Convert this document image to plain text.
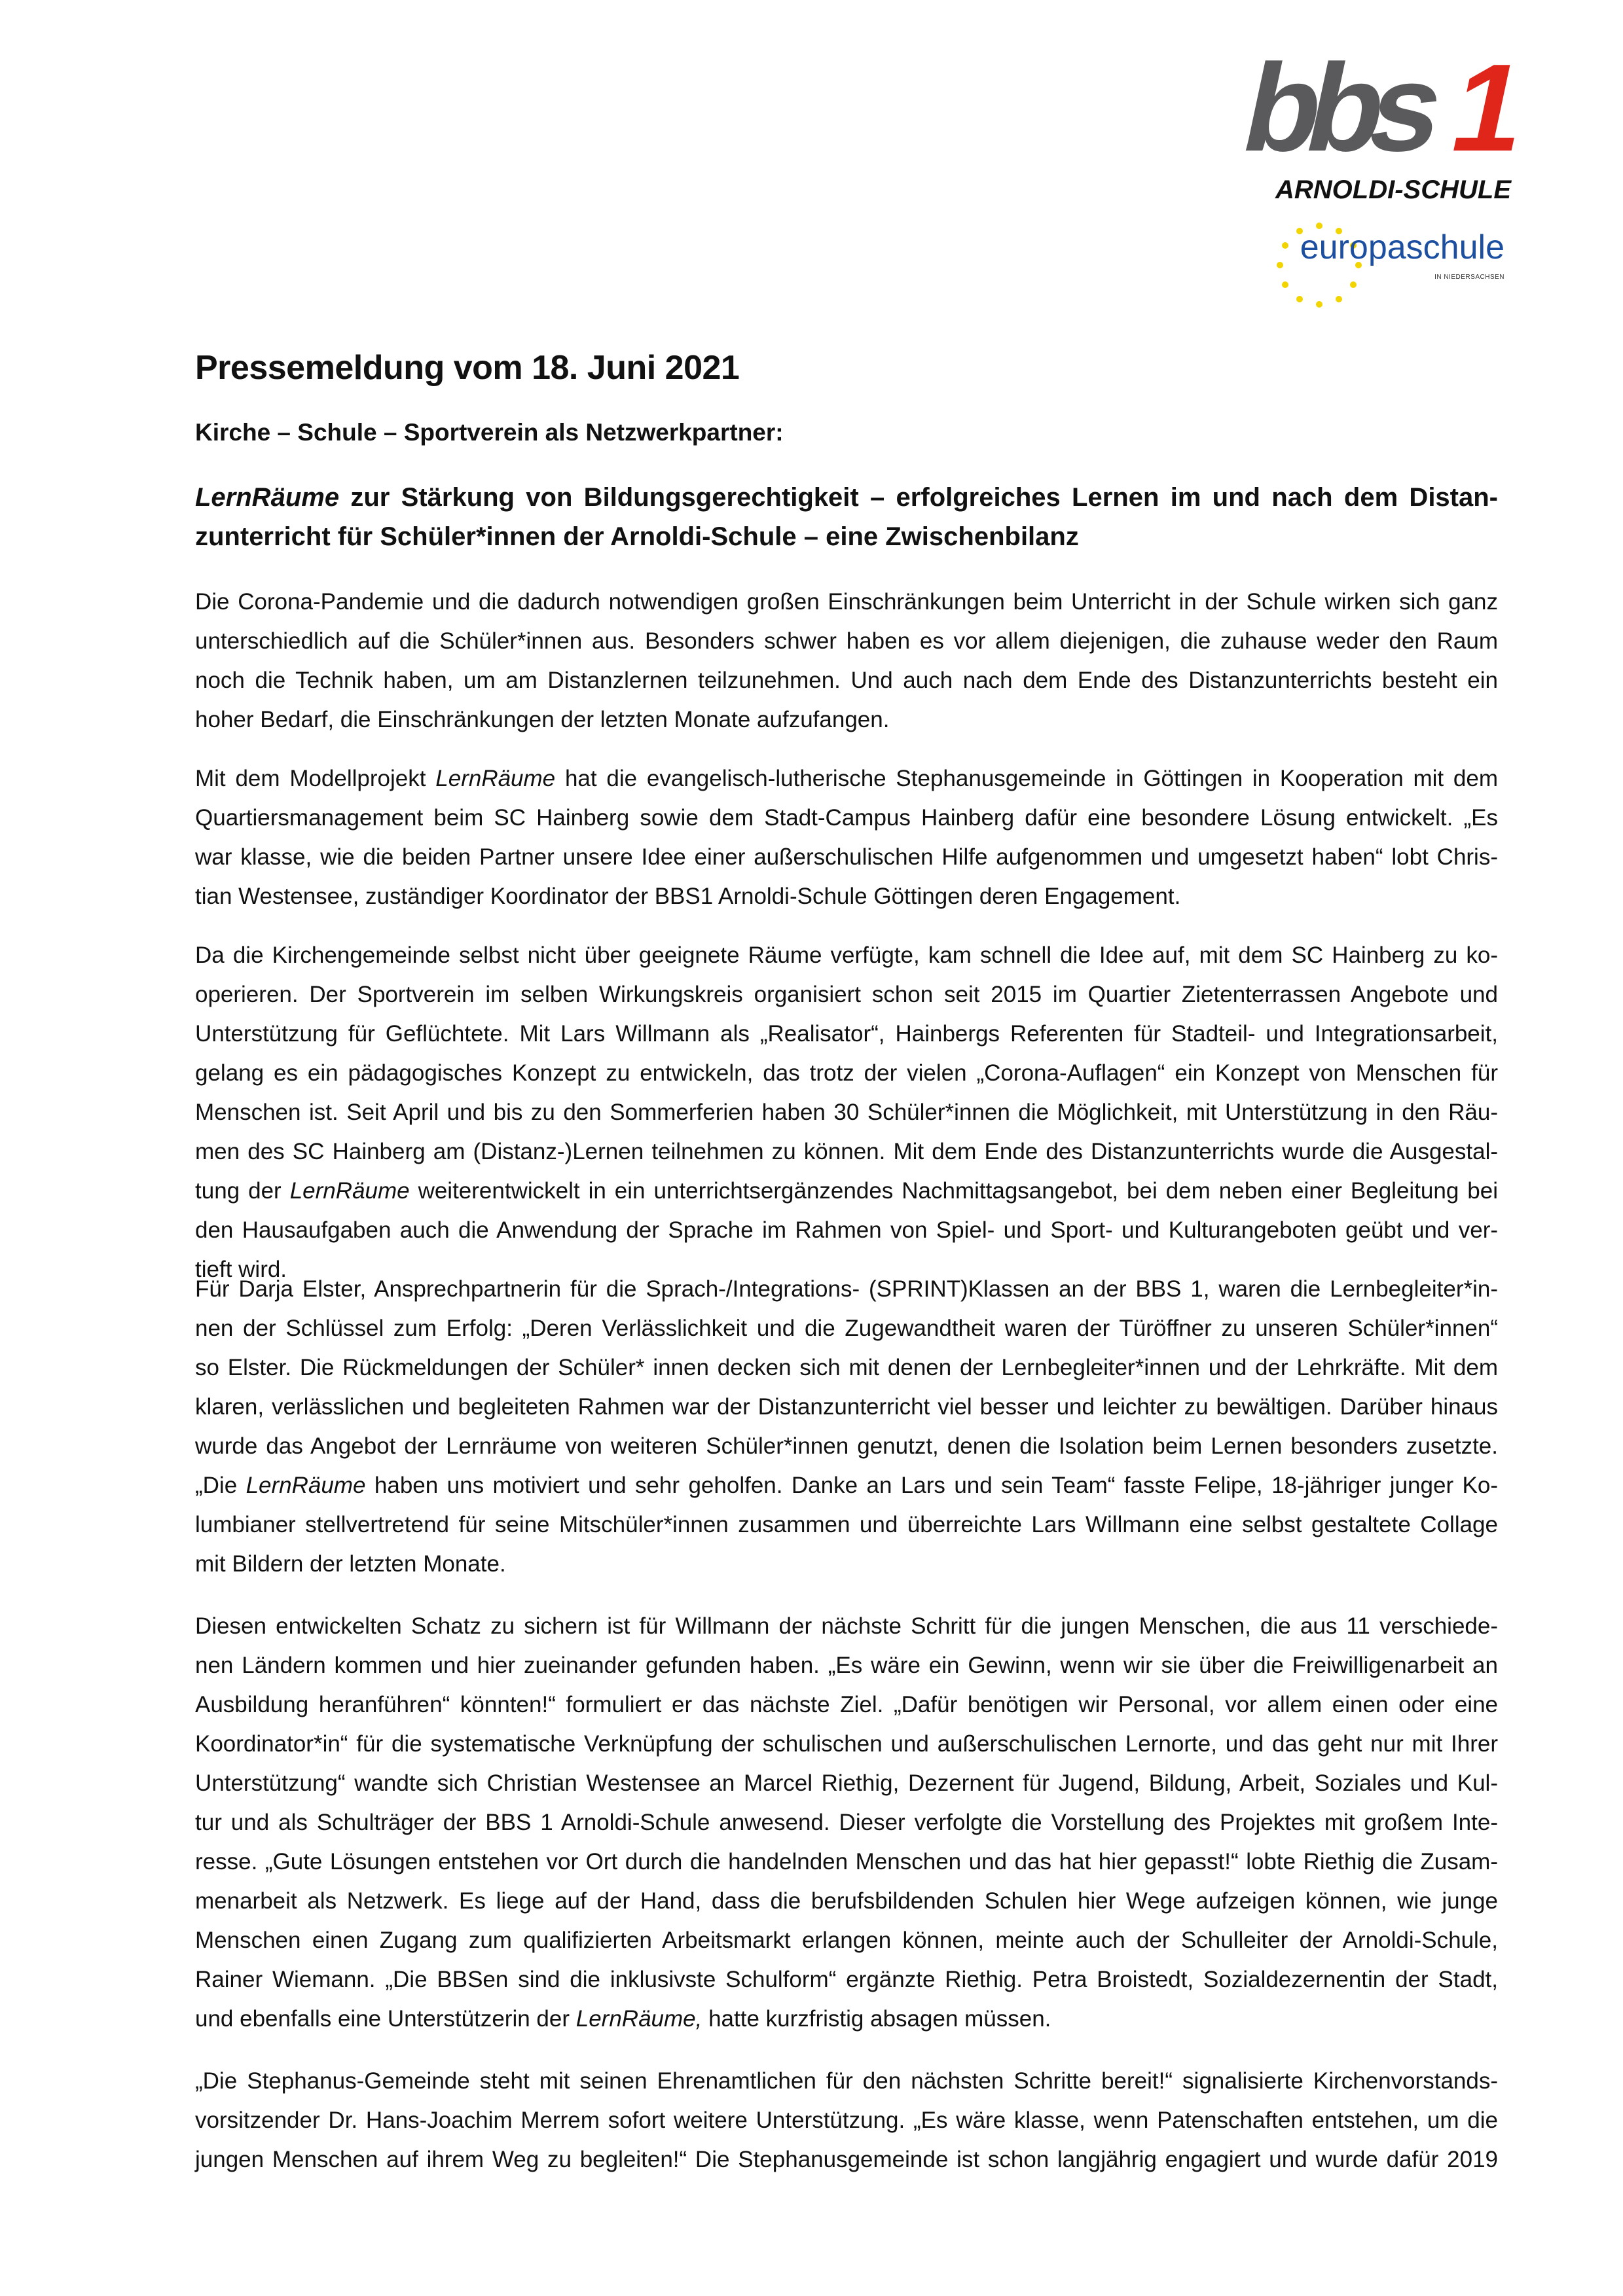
bbs
1
ARNOLDI-SCHULE
europaschule
IN NIEDERSACHSEN
Pressemeldung vom 18. Juni 2021
Kirche – Schule – Sportverein als Netzwerkpartner:
LernRäume zur Stärkung von Bildungsgerechtigkeit – erfolgreiches Lernen im und nach dem Distan-
zunterricht für Schüler*innen der Arnoldi-Schule – eine Zwischenbilanz
Die Corona-Pandemie und die dadurch notwendigen großen Einschränkungen beim Unterricht in der Schule wirken sich ganz
unterschiedlich auf die Schüler*innen aus. Besonders schwer haben es vor allem diejenigen, die zuhause weder den Raum
noch die Technik haben, um am Distanzlernen teilzunehmen. Und auch nach dem Ende des Distanzunterrichts besteht ein
hoher Bedarf, die Einschränkungen der letzten Monate aufzufangen.
Mit dem Modellprojekt LernRäume hat die evangelisch-lutherische Stephanusgemeinde in Göttingen in Kooperation mit dem
Quartiersmanagement beim SC Hainberg sowie dem Stadt-Campus Hainberg dafür eine besondere Lösung entwickelt. „Es
war klasse, wie die beiden Partner unsere Idee einer außerschulischen Hilfe aufgenommen und umgesetzt haben“ lobt Chris-
tian Westensee, zuständiger Koordinator der BBS1 Arnoldi-Schule Göttingen deren Engagement.
Da die Kirchengemeinde selbst nicht über geeignete Räume verfügte, kam schnell die Idee auf, mit dem SC Hainberg zu ko-
operieren. Der Sportverein im selben Wirkungskreis organisiert schon seit 2015 im Quartier Zietenterrassen Angebote und
Unterstützung für Geflüchtete. Mit Lars Willmann als „Realisator“, Hainbergs Referenten für Stadteil- und Integrationsarbeit,
gelang es ein pädagogisches Konzept zu entwickeln, das trotz der vielen „Corona-Auflagen“ ein Konzept von Menschen für
Menschen ist. Seit April und bis zu den Sommerferien haben 30 Schüler*innen die Möglichkeit, mit Unterstützung in den Räu-
men des SC Hainberg am (Distanz-)Lernen teilnehmen zu können. Mit dem Ende des Distanzunterrichts wurde die Ausgestal-
tung der LernRäume weiterentwickelt in ein unterrichtsergänzendes Nachmittagsangebot, bei dem neben einer Begleitung bei
den Hausaufgaben auch die Anwendung der Sprache im Rahmen von Spiel- und Sport- und Kulturangeboten geübt und ver-
tieft wird.
Für Darja Elster, Ansprechpartnerin für die Sprach-/Integrations- (SPRINT)Klassen an der BBS 1, waren die Lernbegleiter*in-
nen der Schlüssel zum Erfolg: „Deren Verlässlichkeit und die Zugewandtheit waren der Türöffner zu unseren Schüler*innen“
so Elster. Die Rückmeldungen der Schüler* innen decken sich mit denen der Lernbegleiter*innen und der Lehrkräfte. Mit dem
klaren, verlässlichen und begleiteten Rahmen war der Distanzunterricht viel besser und leichter zu bewältigen. Darüber hinaus
wurde das Angebot der Lernräume von weiteren Schüler*innen genutzt, denen die Isolation beim Lernen besonders zusetzte.
„Die LernRäume haben uns motiviert und sehr geholfen. Danke an Lars und sein Team“ fasste Felipe, 18-jähriger junger Ko-
lumbianer stellvertretend für seine Mitschüler*innen zusammen und überreichte Lars Willmann eine selbst gestaltete Collage
mit Bildern der letzten Monate.
Diesen entwickelten Schatz zu sichern ist für Willmann der nächste Schritt für die jungen Menschen, die aus 11 verschiede-
nen Ländern kommen und hier zueinander gefunden haben. „Es wäre ein Gewinn, wenn wir sie über die Freiwilligenarbeit an
Ausbildung heranführen“ könnten!“ formuliert er das nächste Ziel. „Dafür benötigen wir Personal, vor allem einen oder eine
Koordinator*in“ für die systematische Verknüpfung der schulischen und außerschulischen Lernorte, und das geht nur mit Ihrer
Unterstützung“ wandte sich Christian Westensee an Marcel Riethig, Dezernent für Jugend, Bildung, Arbeit, Soziales und Kul-
tur und als Schulträger der BBS 1 Arnoldi-Schule anwesend. Dieser verfolgte die Vorstellung des Projektes mit großem Inte-
resse. „Gute Lösungen entstehen vor Ort durch die handelnden Menschen und das hat hier gepasst!“ lobte Riethig die Zusam-
menarbeit als Netzwerk. Es liege auf der Hand, dass die berufsbildenden Schulen hier Wege aufzeigen können, wie junge
Menschen einen Zugang zum qualifizierten Arbeitsmarkt erlangen können, meinte auch der Schulleiter der Arnoldi-Schule,
Rainer Wiemann. „Die BBSen sind die inklusivste Schulform“ ergänzte Riethig. Petra Broistedt, Sozialdezernentin der Stadt,
und ebenfalls eine Unterstützerin der LernRäume, hatte kurzfristig absagen müssen.
„Die Stephanus-Gemeinde steht mit seinen Ehrenamtlichen für den nächsten Schritte bereit!“ signalisierte Kirchenvorstands-
vorsitzender Dr. Hans-Joachim Merrem sofort weitere Unterstützung. „Es wäre klasse, wenn Patenschaften entstehen, um die
jungen Menschen auf ihrem Weg zu begleiten!“ Die Stephanusgemeinde ist schon langjährig engagiert und wurde dafür 2019
